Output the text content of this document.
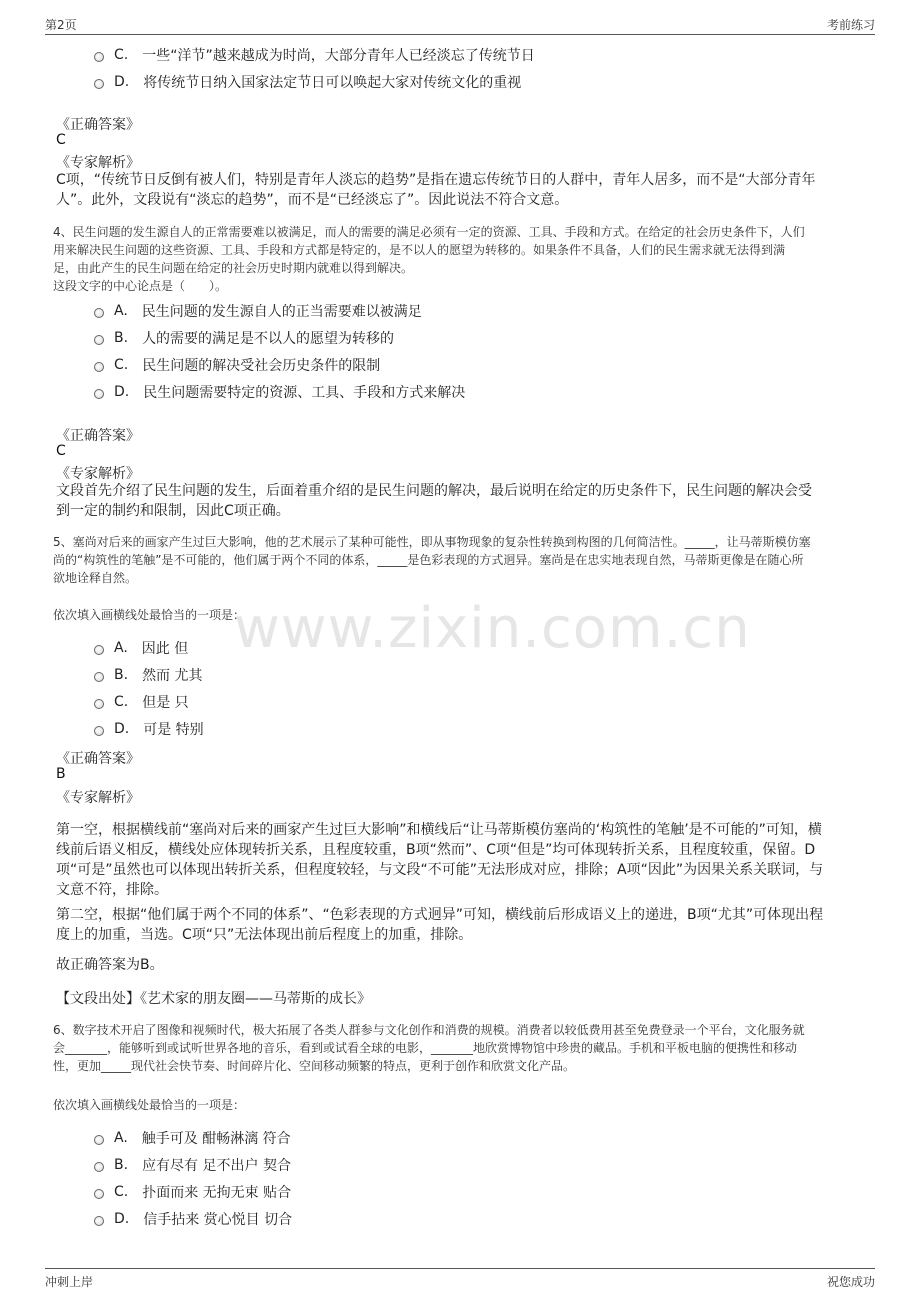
第2页	考前练习
www.zixin.com.cn
C. 一些“洋节”越来越成为时尚，大部分青年人已经淡忘了传统节日
D. 将传统节日纳入国家法定节日可以唤起大家对传统文化的重视
《正确答案》
C
《专家解析》
C项，“传统节日反倒有被人们，特别是青年人淡忘的趋势”是指在遗忘传统节日的人群中，青年人居多，而不是“大部分青年
人”。此外，文段说有“淡忘的趋势”，而不是“已经淡忘了”。因此说法不符合文意。
4、民生问题的发生源自人的正常需要难以被满足，而人的需要的满足必须有一定的资源、工具、手段和方式。在给定的社会历史条件下，人们
用来解决民生问题的这些资源、工具、手段和方式都是特定的，是不以人的愿望为转移的。如果条件不具备，人们的民生需求就无法得到满
足，由此产生的民生问题在给定的社会历史时期内就难以得到解决。
这段文字的中心论点是（　　）。
A. 民生问题的发生源自人的正当需要难以被满足
B. 人的需要的满足是不以人的愿望为转移的
C. 民生问题的解决受社会历史条件的限制
D. 民生问题需要特定的资源、工具、手段和方式来解决
《正确答案》
C
《专家解析》
文段首先介绍了民生问题的发生，后面着重介绍的是民生问题的解决，最后说明在给定的历史条件下，民生问题的解决会受
到一定的制约和限制，因此C项正确。
5、塞尚对后来的画家产生过巨大影响，他的艺术展示了某种可能性，即从事物现象的复杂性转换到构图的几何简洁性。_____，让马蒂斯模仿塞
尚的“构筑性的笔触”是不可能的，他们属于两个不同的体系，_____是色彩表现的方式迥异。塞尚是在忠实地表现自然，马蒂斯更像是在随心所
欲地诠释自然。
依次填入画横线处最恰当的一项是：
A. 因此 但
B. 然而 尤其
C. 但是 只
D. 可是 特别
《正确答案》
B
《专家解析》
第一空，根据横线前“塞尚对后来的画家产生过巨大影响”和横线后“让马蒂斯模仿塞尚的‘构筑性的笔触’是不可能的”可知，横
线前后语义相反，横线处应体现转折关系，且程度较重，B项“然而”、C项“但是”均可体现转折关系，且程度较重，保留。D
项“可是”虽然也可以体现出转折关系，但程度较轻，与文段“不可能”无法形成对应，排除；A项“因此”为因果关系关联词，与
文意不符，排除。
第二空，根据“他们属于两个不同的体系”、“色彩表现的方式迥异”可知，横线前后形成语义上的递进，B项“尤其”可体现出程
度上的加重，当选。C项“只”无法体现出前后程度上的加重，排除。
故正确答案为B。
【文段出处】《艺术家的朋友圈——马蒂斯的成长》
6、数字技术开启了图像和视频时代，极大拓展了各类人群参与文化创作和消费的规模。消费者以较低费用甚至免费登录一个平台，文化服务就
会_______，能够听到或试听世界各地的音乐，看到或试看全球的电影，_______地欣赏博物馆中珍贵的藏品。手机和平板电脑的便携性和移动
性，更加_____现代社会快节奏、时间碎片化、空间移动频繁的特点，更利于创作和欣赏文化产品。
依次填入画横线处最恰当的一项是：
A. 触手可及 酣畅淋漓 符合
B. 应有尽有 足不出户 契合
C. 扑面而来 无拘无束 贴合
D. 信手拈来 赏心悦目 切合
冲刺上岸	祝您成功
